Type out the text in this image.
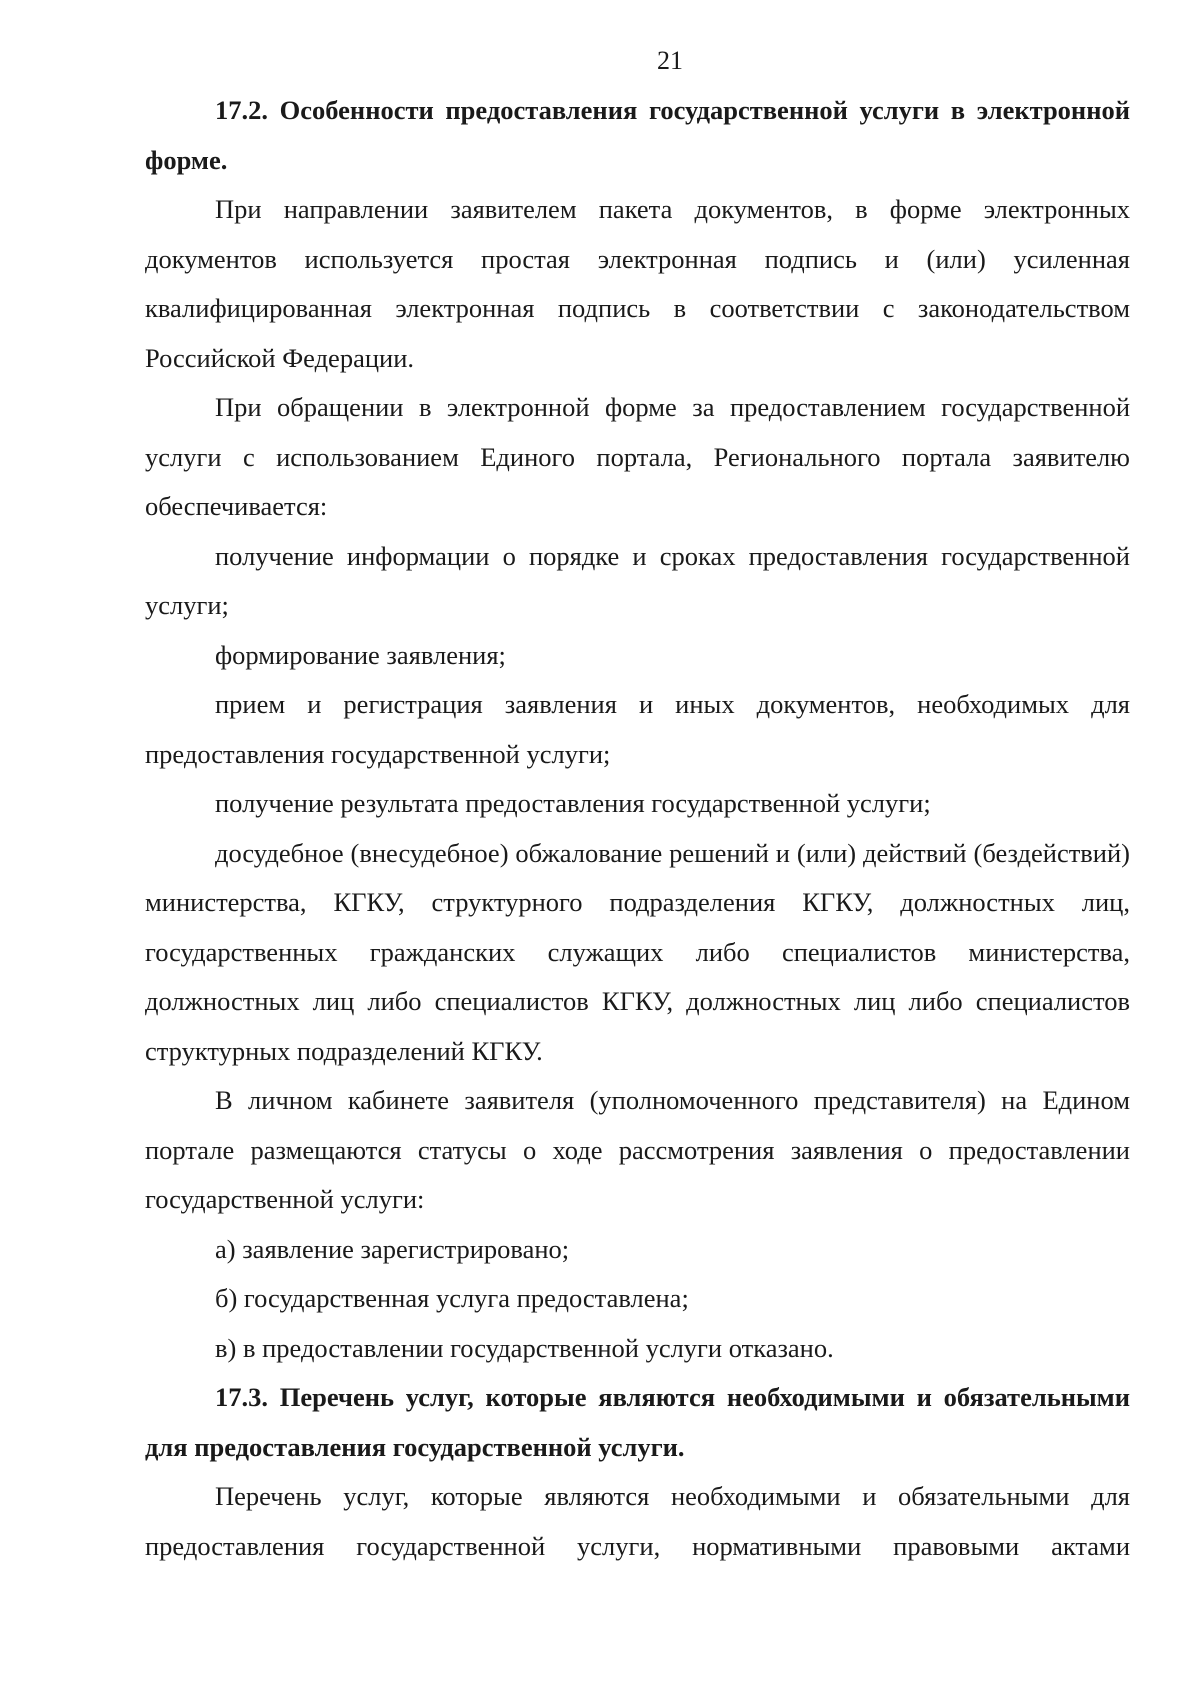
21

17.2. Особенности предоставления государственной услуги в электронной форме.

При направлении заявителем пакета документов, в форме электронных документов используется простая электронная подпись и (или) усиленная квалифицированная электронная подпись в соответствии с законодательством Российской Федерации.

При обращении в электронной форме за предоставлением государственной услуги с использованием Единого портала, Регионального портала заявителю обеспечивается:

получение информации о порядке и сроках предоставления государственной услуги;

формирование заявления;

прием и регистрация заявления и иных документов, необходимых для предоставления государственной услуги;

получение результата предоставления государственной услуги;

досудебное (внесудебное) обжалование решений и (или) действий (бездействий) министерства, КГКУ, структурного подразделения КГКУ, должностных лиц, государственных гражданских служащих либо специалистов министерства, должностных лиц либо специалистов КГКУ, должностных лиц либо специалистов структурных подразделений КГКУ.

В личном кабинете заявителя (уполномоченного представителя) на Едином портале размещаются статусы о ходе рассмотрения заявления о предоставлении государственной услуги:

а) заявление зарегистрировано;

б) государственная услуга предоставлена;

в) в предоставлении государственной услуги отказано.

17.3. Перечень услуг, которые являются необходимыми и обязательными для предоставления государственной услуги.

Перечень услуг, которые являются необходимыми и обязательными для предоставления государственной услуги, нормативными правовыми актами
